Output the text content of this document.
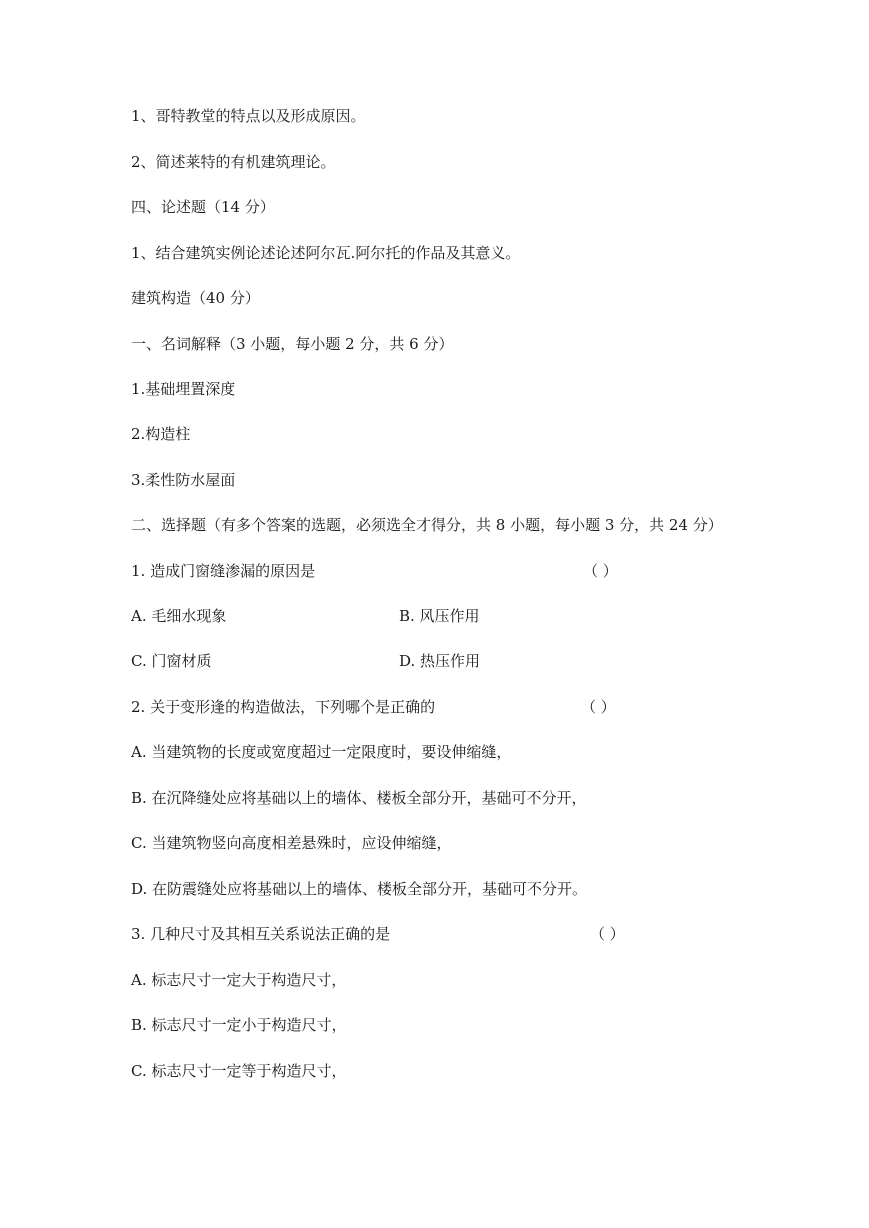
1、哥特教堂的特点以及形成原因。
2、简述莱特的有机建筑理论。
四、论述题（14 分）
1、结合建筑实例论述论述阿尔瓦.阿尔托的作品及其意义。
建筑构造（40 分）
一、名词解释（3 小题，每小题 2 分，共 6 分）
1.基础埋置深度
2.构造柱
3.柔性防水屋面
二、选择题（有多个答案的选题，必须选全才得分，共 8 小题，每小题 3 分，共 24 分）
1. 造成门窗缝渗漏的原因是	（ ）
A. 毛细水现象	B. 风压作用
C. 门窗材质	D. 热压作用
2. 关于变形逢的构造做法，下列哪个是正确的	（ ）
A. 当建筑物的长度或宽度超过一定限度时，要设伸缩缝，
B. 在沉降缝处应将基础以上的墙体、楼板全部分开，基础可不分开，
C. 当建筑物竖向高度相差悬殊时，应设伸缩缝，
D. 在防震缝处应将基础以上的墙体、楼板全部分开，基础可不分开。
3. 几种尺寸及其相互关系说法正确的是	（ ）
A. 标志尺寸一定大于构造尺寸，
B. 标志尺寸一定小于构造尺寸，
C. 标志尺寸一定等于构造尺寸，
